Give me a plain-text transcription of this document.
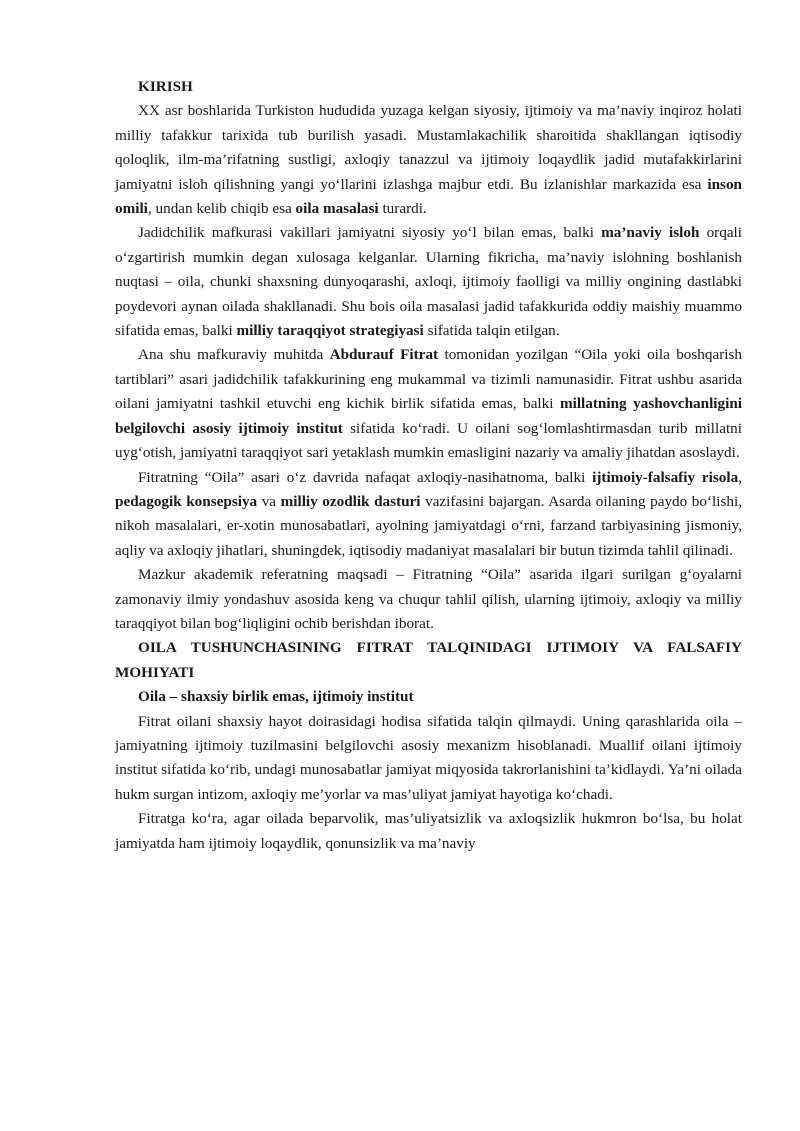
KIRISH

XX asr boshlarida Turkiston hududida yuzaga kelgan siyosiy, ijtimoiy va ma’naviy inqiroz holati milliy tafakkur tarixida tub burilish yasadi. Mustamlakachilik sharoitida shakllangan iqtisodiy qoloqlik, ilm-ma’rifatning sustligi, axloqiy tanazzul va ijtimoiy loqaydlik jadid mutafakkirlarini jamiyatni isloh qilishning yangi yo‘llarini izlashga majbur etdi. Bu izlanishlar markazida esa inson omili, undan kelib chiqib esa oila masalasi turardi.

Jadidchilik mafkurasi vakillari jamiyatni siyosiy yo‘l bilan emas, balki ma’naviy isloh orqali o‘zgartirish mumkin degan xulosaga kelganlar. Ularning fikricha, ma’naviy islohning boshlanish nuqtasi – oila, chunki shaxsning dunyoqarashi, axloqi, ijtimoiy faolligi va milliy ongining dastlabki poydevori aynan oilada shakllanadi. Shu bois oila masalasi jadid tafakkurida oddiy maishiy muammo sifatida emas, balki milliy taraqqiyot strategiyasi sifatida talqin etilgan.

Ana shu mafkuraviy muhitda Abdurauf Fitrat tomonidan yozilgan “Oila yoki oila boshqarish tartiblari” asari jadidchilik tafakkurining eng mukammal va tizimli namunasidir. Fitrat ushbu asarida oilani jamiyatni tashkil etuvchi eng kichik birlik sifatida emas, balki millatning yashovchanligini belgilovchi asosiy ijtimoiy institut sifatida ko‘radi. U oilani sog‘lomlashtirmasdan turib millatni uyg‘otish, jamiyatni taraqqiyot sari yetaklash mumkin emasligini nazariy va amaliy jihatdan asoslaydi.

Fitratning “Oila” asari o‘z davrida nafaqat axloqiy-nasihatnoma, balki ijtimoiy-falsafiy risola, pedagogik konsepsiya va milliy ozodlik dasturi vazifasini bajargan. Asarda oilaning paydo bo‘lishi, nikoh masalalari, er-xotin munosabatlari, ayolning jamiyatdagi o‘rni, farzand tarbiyasining jismoniy, aqliy va axloqiy jihatlari, shuningdek, iqtisodiy madaniyat masalalari bir butun tizimda tahlil qilinadi.

Mazkur akademik referatning maqsadi – Fitratning “Oila” asarida ilgari surilgan g‘oyalarni zamonaviy ilmiy yondashuv asosida keng va chuqur tahlil qilish, ularning ijtimoiy, axloqiy va milliy taraqqiyot bilan bog‘liqligini ochib berishdan iborat.

OILA TUSHUNCHASINING FITRAT TALQINIDAGI IJTIMOIY VA FALSAFIY MOHIYATI
Oila – shaxsiy birlik emas, ijtimoiy institut

Fitrat oilani shaxsiy hayot doirasidagi hodisa sifatida talqin qilmaydi. Uning qarashlarida oila – jamiyatning ijtimoiy tuzilmasini belgilovchi asosiy mexanizm hisoblanadi. Muallif oilani ijtimoiy institut sifatida ko‘rib, undagi munosabatlar jamiyat miqyosida takrorlanishini ta’kidlaydi. Ya’ni oilada hukm surgan intizom, axloqiy me’yorlar va mas’uliyat jamiyat hayotiga ko‘chadi.

Fitratga ko‘ra, agar oilada beparvolik, mas’uliyatsizlik va axloqsizlik hukmron bo‘lsa, bu holat jamiyatda ham ijtimoiy loqaydlik, qonunsizlik va ma’naviy
